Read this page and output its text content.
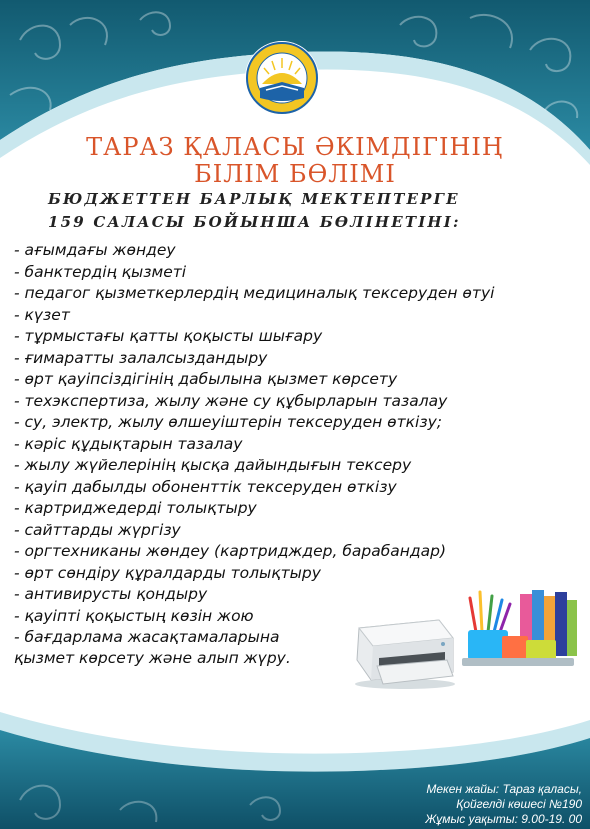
ТАРАЗ ҚАЛАСЫ ӘКІМДІГІНІҢ
БІЛІМ БӨЛІМІ

БЮДЖЕТТЕН БАРЛЫҚ МЕКТЕПТЕРГЕ

159 САЛАСЫ БОЙЫНША БӨЛІНЕТІНІ:

- ағымдағы жөндеу
- банктердің қызметі
- педагог қызметкерлердің медициналық тексеруден өтуі
- күзет
- тұрмыстағы қатты қоқысты шығару
- ғимаратты залалсыздандыру
- өрт қауіпсіздігінің дабылына қызмет көрсету
- техэкспертиза, жылу және су құбырларын тазалау
- су, электр, жылу өлшеуіштерін тексеруден өткізу;
- кәріс құдықтарын тазалау
- жылу жүйелерінің қысқа дайындығын тексеру
- қауіп дабылды обоненттік тексеруден өткізу
- картриджедерді толықтыру
- сайттарды жүргізу
- оргтехниканы жөндеу (картридждер, барабандар)
- өрт сөндіру құралдарды толықтыру
- антивирусты қондыру
- қауіпті қоқыстың көзін жою
- бағдарлама жасақтамаларына

қызмет көрсету және алып жүру.

Мекен жайы: Тараз қаласы,
Қойгелді көшесі №190
Жұмыс уақыты: 9.00-19. 00
